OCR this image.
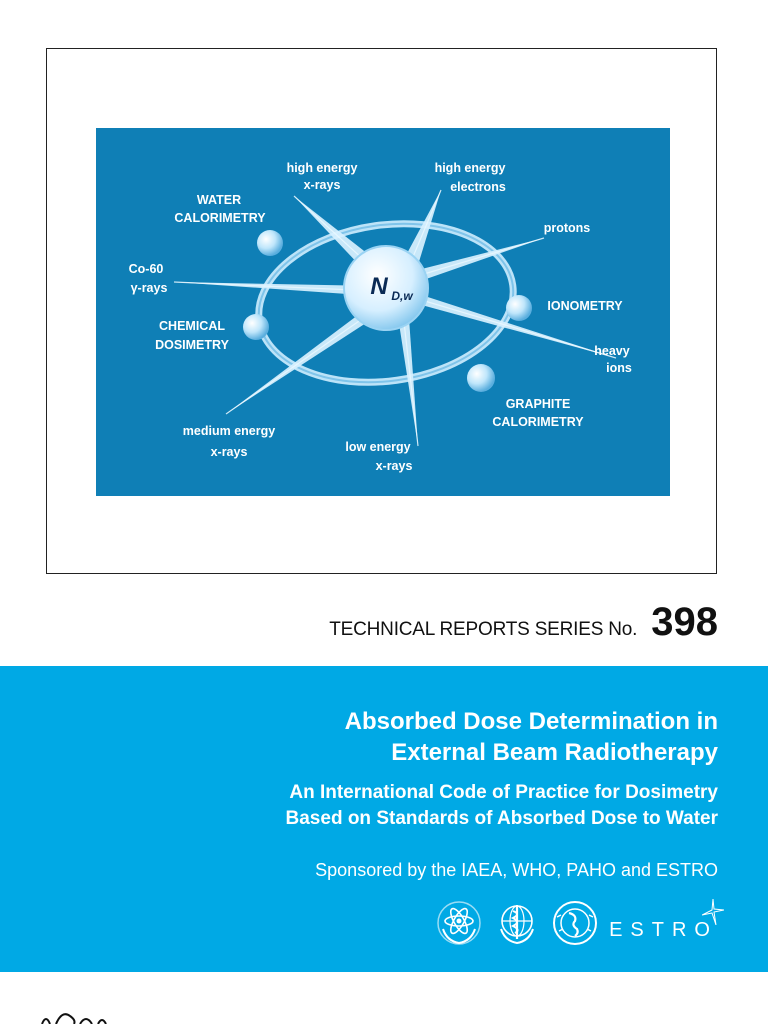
N D,w
high energy
x-rays
high energy
electrons
protons
WATER
CALORIMETRY
Co-60
γ-rays
IONOMETRY
CHEMICAL
DOSIMETRY	heavy
ions
GRAPHITE
CALORIMETRY
medium energy
x-rays	low energy
x-rays
TECHNICAL REPORTS SERIES No. 398
Absorbed Dose Determination in
External Beam Radiotherapy
An International Code of Practice for Dosimetry
Based on Standards of Absorbed Dose to Water
Sponsored by the IAEA, WHO, PAHO and ESTRO
ESTRO
